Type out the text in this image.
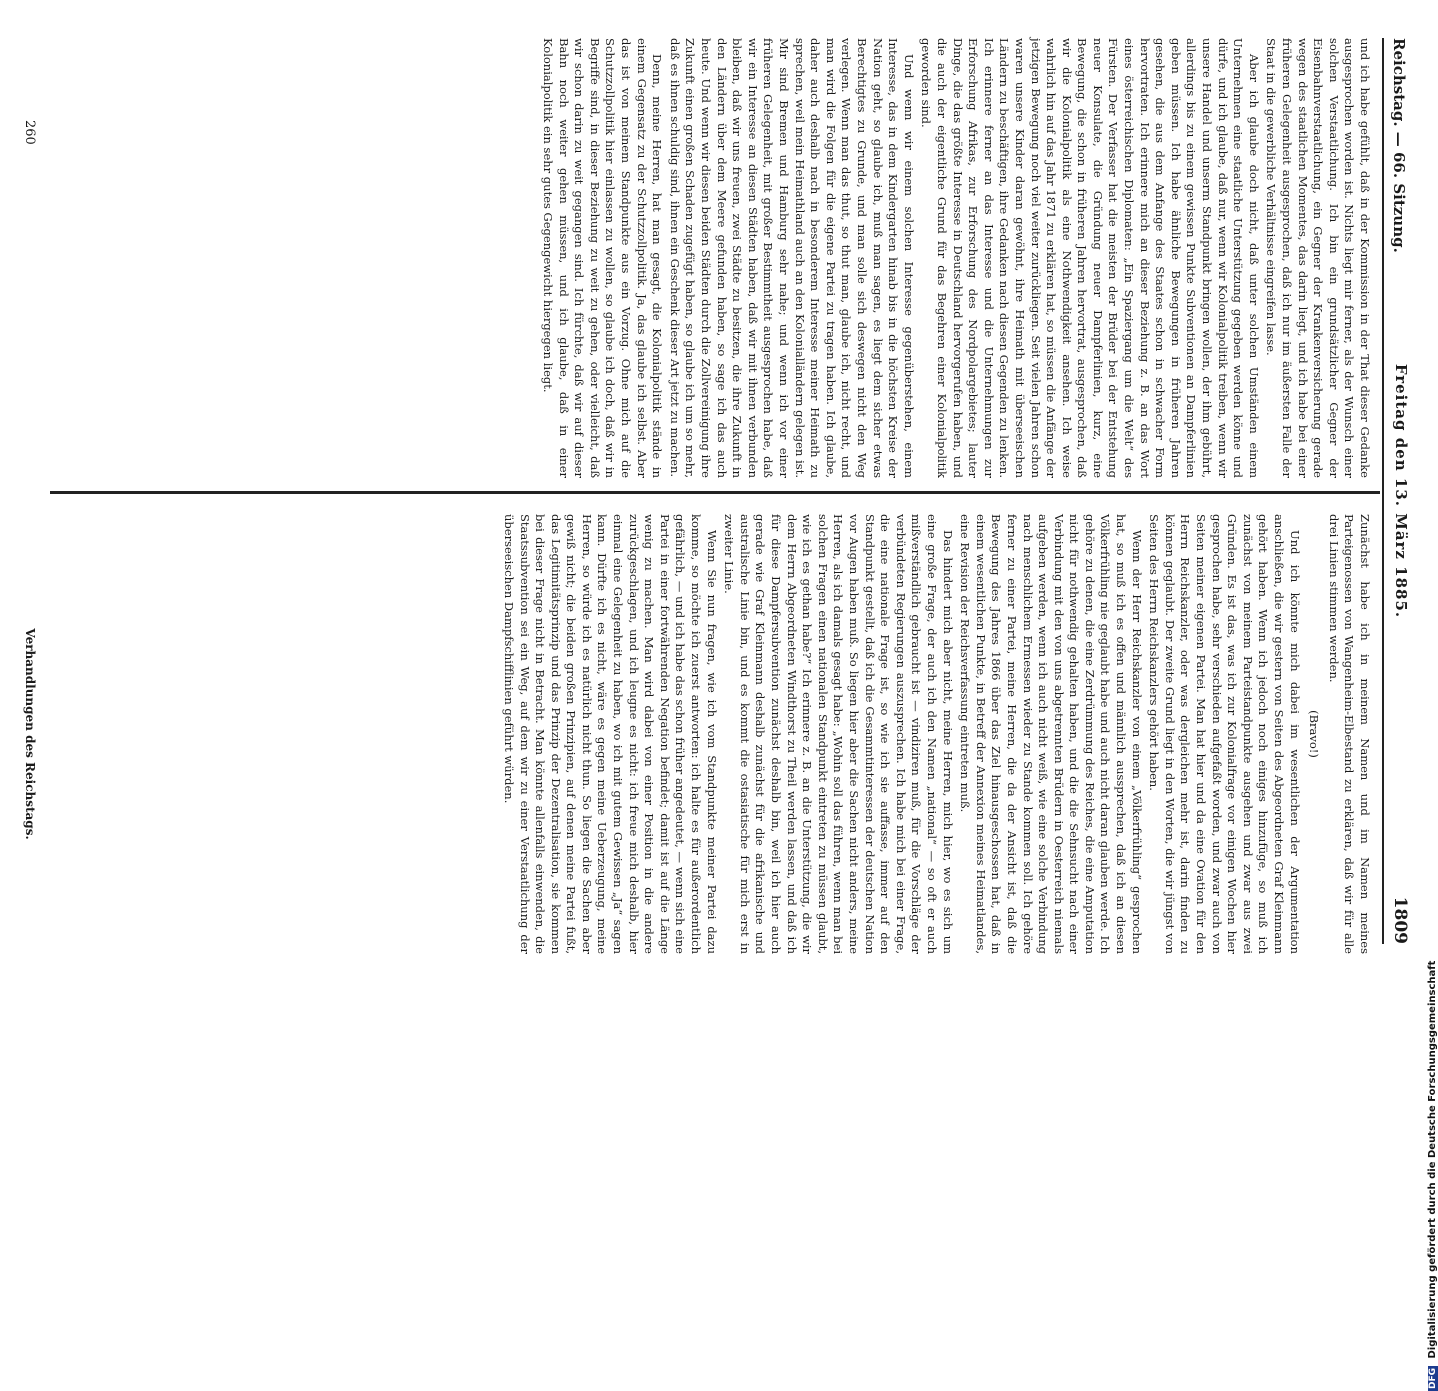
Reichstag. — 66. Sitzung.
Freitag den 13. März 1885.
1809

Zunächst habe ich in meinem Namen und im Namen meines Parteigenossen von Wangenheim-Elbestand zu erklären, daß wir für alle drei Linien stimmen werden.

(Bravo!)

Und ich könnte mich dabei im wesentlichen der Argumentation anschließen, die wir gestern von Seiten des Abgeordneten Graf Kleinmann gehört haben. Wenn ich jedoch noch einiges hinzufüge, so muß ich zunächst von meinem Parteistandpunkte ausgehen und zwar aus zwei Gründen. Es ist das, was ich zur Kolonialfrage vor einigen Wochen hier gesprochen habe, sehr verschieden aufgefaßt worden, und zwar auch von Seiten meiner eigenen Partei. Man hat hier und da eine Ovation für den Herrn Reichskanzler, oder was dergleichen mehr ist, darin finden zu können geglaubt. Der zweite Grund liegt in den Worten, die wir jüngst von Seiten des Herrn Reichskanzlers gehört haben.

Wenn der Herr Reichskanzler von einem „Völkerfrühling“ gesprochen hat, so muß ich es offen und männlich aussprechen, daß ich an diesen Völkerfrühling nie geglaubt habe und auch nicht daran glauben werde. Ich gehöre zu denen, die eine Zerdrümmung des Reiches, die eine Amputation nicht für nothwendig gehalten haben, und die die Sehnsucht nach einer Verbindung mit den von uns abgetrennten Brüdern in Oesterreich niemals aufgeben werden, wenn ich auch nicht weiß, wie eine solche Verbindung nach menschlichem Ermessen wieder zu Stande kommen soll. Ich gehöre ferner zu einer Partei, meine Herren, die da der Ansicht ist, daß die Bewegung des Jahres 1866 über das Ziel hinausgeschossen hat, daß in einem wesentlichen Punkte, in Betreff der Annexion meines Heimatlandes, eine Revision der Reichsverfassung eintreten muß.

Das hindert mich aber nicht, meine Herren, mich hier, wo es sich um eine große Frage, der auch ich den Namen „national“ — so oft er auch mißverständlich gebraucht ist — vindiziren muß, für die Vorschläge der verbündeten Regierungen auszusprechen. Ich habe mich bei einer Frage, die eine nationale Frage ist, so wie ich sie auffasse, immer auf den Standpunkt gestellt, daß ich die Gesammtinteressen der deutschen Nation vor Augen haben muß. So liegen hier aber die Sachen nicht anders, meine Herren, als ich damals gesagt habe: „Wohin soll das führen, wenn man bei solchen Fragen einen nationalen Standpunkt eintreten zu müssen glaubt, wie ich es gethan habe?“ Ich erinnere z. B. an die Unterstützung, die wir dem Herrn Abgeordneten Windthorst zu Theil werden lassen, und daß ich für diese Dampfersubvention zunächst deshalb bin, weil ich hier auch gerade wie Graf Kleinmann deshalb zunächst für die afrikanische und australische Linie bin, und es kommt die ostasiatische für mich erst in zweiter Linie.

Wenn Sie nun fragen, wie ich vom Standpunkte meiner Partei dazu komme, so möchte ich zuerst antworten: ich halte es für außerordentlich gefährlich, — und ich habe das schon früher angedeutet, — wenn sich eine Partei in einer fortwährenden Negation befindet; damit ist auf die Länge wenig zu machen. Man wird dabei von einer Position in die andere zurückgeschlagen, und ich leugne es nicht: ich freue mich deshalb, hier einmal eine Gelegenheit zu haben, wo ich mit gutem Gewissen „Ja“ sagen kann. Dürfte ich es nicht, wäre es gegen meine Ueberzeugung, meine Herren, so würde ich es natürlich nicht thun. So liegen die Sachen aber gewiß nicht; die beiden großen Prinzipien, auf denen meine Partei fußt, das Legitimitätsprinzip und das Prinzip der Dezentralisation, sie kommen bei dieser Frage nicht in Betracht. Man könnte allenfalls einwenden, die Staatssubvention sei ein Weg, auf dem wir zu einer Verstaatlichung der überseeischen Dampfschifflinien geführt würden.

und ich habe gefühlt, daß in der Kommission in der That dieser Gedanke ausgesprochen worden ist. Nichts liegt mir ferner, als der Wunsch einer solchen Verstaatlichung. Ich bin ein grundsätzlicher Gegner der Eisenbahnverstaatlichung, ein Gegner der Krankenversicherung gerade wegen des staatlichen Momentes, das darin liegt, und ich habe bei einer früheren Gelegenheit ausgesprochen, daß ich nur im äußersten Falle der Staat in die gewerbliche Verhältnisse eingreifen lasse.

Aber ich glaube doch nicht, daß unter solchen Umständen einem Unternehmen eine staatliche Unterstützung gegeben werden könne und dürfe, und ich glaube, daß nur, wenn wir Kolonialpolitik treiben, wenn wir unsere Handel und unserm Standpunkt bringen wollen, der ihm gebührt, allerdings bis zu einem gewissen Punkte Subventionen an Dampferlinien geben müssen. Ich habe ähnliche Bewegungen in früheren Jahren gesehen, die aus dem Anfange des Staates schon in schwacher Form hervortraten. Ich erinnere mich an dieser Beziehung z. B. an das Wort eines österreichischen Diplomaten: „Ein Spaziergang um die Welt“ des Fürsten. Der Verfasser hat die meisten der Brüder bei der Entstehung neuer Konsulate, die Gründung neuer Dampferlinien, kurz, eine Bewegung, die schon in früheren Jahren hervortrat, ausgesprochen, daß wir die Kolonialpolitik als eine Nothwendigkeit ansehen. Ich weise wahrlich hin auf das Jahr 1871 zu erklären hat, so müssen die Anfänge der jetzigen Bewegung noch viel weiter zurückliegen. Seit vielen Jahren schon waren unsere Kinder daran gewöhnt, ihre Heimath mit überseeischen Ländern zu beschäftigen, ihre Gedanken nach diesen Gegenden zu lenken. Ich erinnere ferner an das Interesse und die Unternehmungen zur Erforschung Afrikas, zur Erforschung des Nordpolargebietes; lauter Dinge, die das größte Interesse in Deutschland hervorgerufen haben, und die auch der eigentliche Grund für das Begehren einer Kolonialpolitik geworden sind.

Und wenn wir einem solchen Interesse gegenüberstehen, einem Interesse, das in dem Kindergarten hinab bis in die höchsten Kreise der Nation geht, so glaube ich, muß man sagen, es liegt dem sicher etwas Berechtigtes zu Grunde, und man solle sich deswegen nicht den Weg verlegen. Wenn man das thut, so thut man, glaube ich, nicht recht, und man wird die Folgen für die eigene Partei zu tragen haben. Ich glaube, daher auch deshalb nach in besonderem Interesse meiner Heimath zu sprechen, weil mein Heimathland auch an den Kolonialländern gelegen ist. Mir sind Bremen und Hamburg sehr nahe; und wenn ich vor einer früheren Gelegenheit, mit großer Bestimmtheit ausgesprochen habe, daß wir ein Interesse an diesen Städten haben, daß wir mit ihnen verbunden bleiben, daß wir uns freuen, zwei Städte zu besitzen, die ihre Zukunft in den Ländern über dem Meere gefunden haben, so sage ich das auch heute. Und wenn wir diesen beiden Städten durch die Zollvereinigung ihre Zukunft einen großen Schaden zugefügt haben, so glaube ich um so mehr, daß es ihnen schuldig sind, ihnen ein Geschenk dieser Art jetzt zu machen.

Denn, meine Herren, hat man gesagt, die Kolonialpolitik stände in einem Gegensatz zu der Schutzzollpolitik. Ja, das glaube ich selbst. Aber das ist von meinem Standpunkte aus ein Vorzug. Ohne mich auf die Schutzzollpolitik hier einlassen zu wollen, so glaube ich doch, daß wir in Begriffe sind, in dieser Beziehung zu weit zu gehen, oder vielleicht, daß wir schon darin zu weit gegangen sind. Ich fürchte, daß wir auf dieser Bahn noch weiter gehen müssen, und ich glaube, daß in einer Kolonialpolitik ein sehr gutes Gegengewicht hiergegen liegt.

Verhandlungen des Reichstags.
260
DFG Digitalisierung gefördert durch die Deutsche Forschungsgemeinschaft
